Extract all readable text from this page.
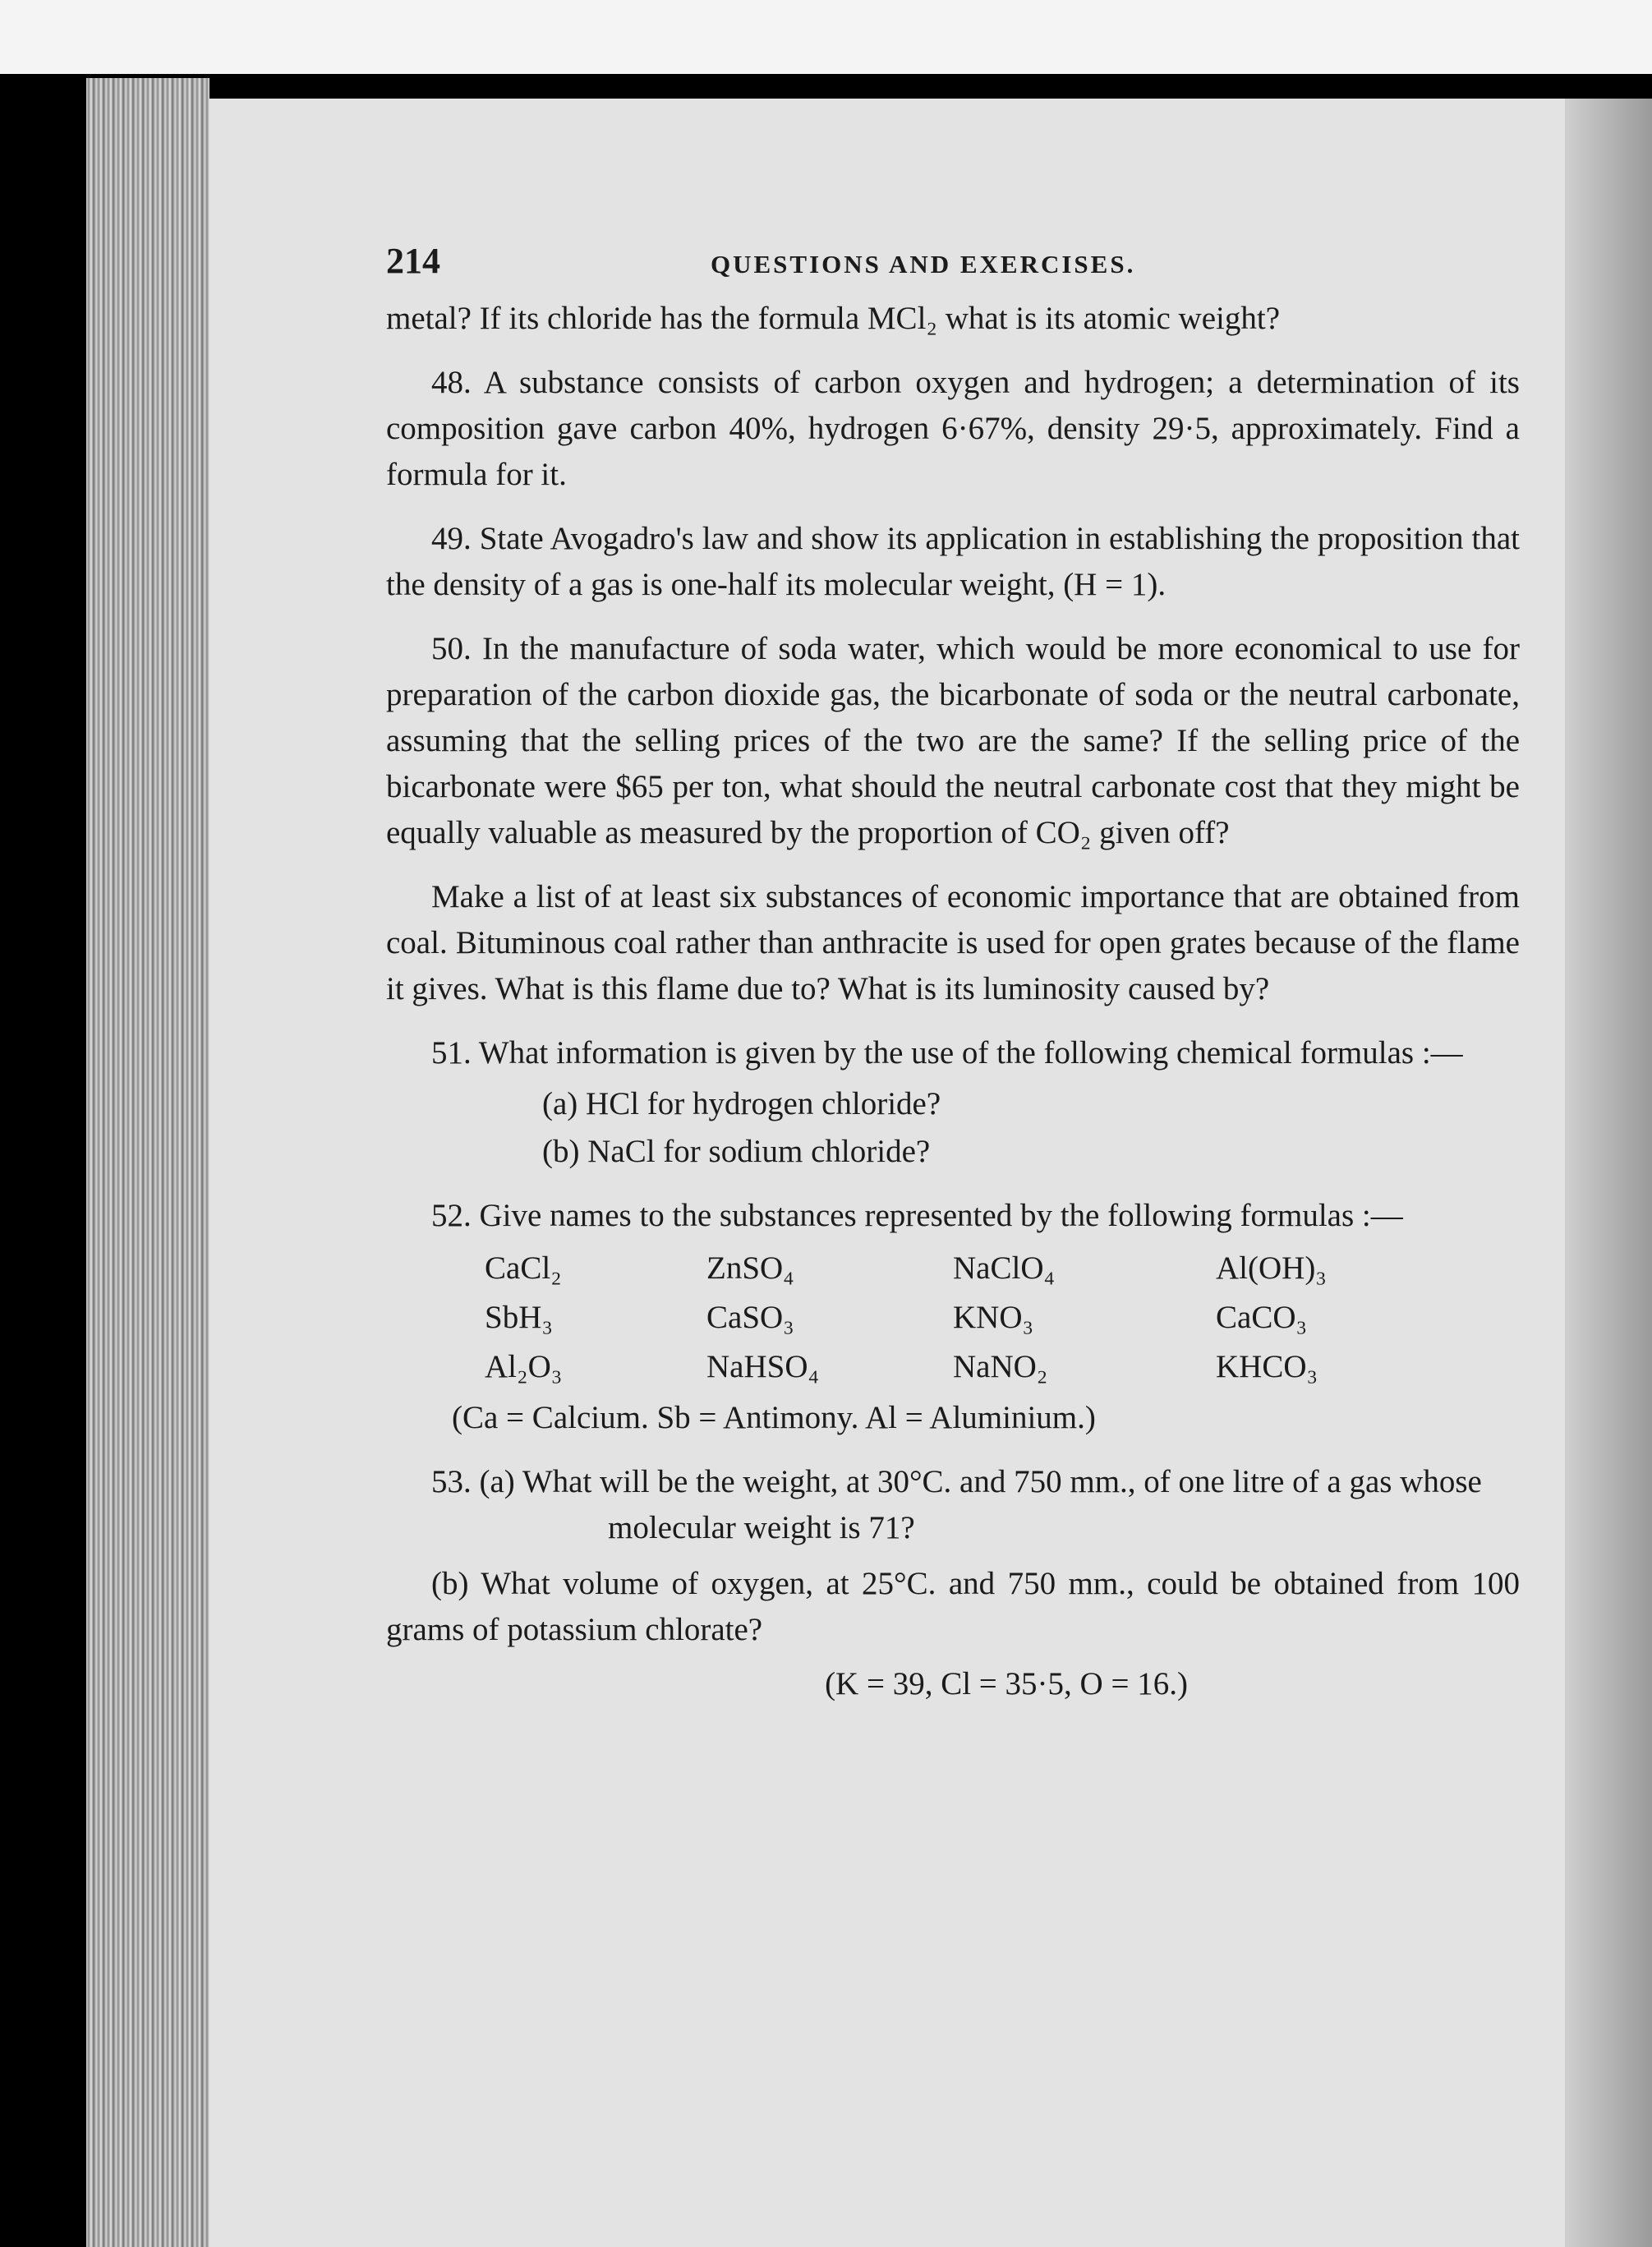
214	QUESTIONS AND EXERCISES.

metal? If its chloride has the formula MCl₂ what is its atomic weight?

48. A substance consists of carbon oxygen and hydrogen; a determination of its composition gave carbon 40%, hydrogen 6·67%, density 29·5, approximately. Find a formula for it.

49. State Avogadro's law and show its application in establishing the proposition that the density of a gas is one-half its molecular weight, (H = 1).

50. In the manufacture of soda water, which would be more economical to use for preparation of the carbon dioxide gas, the bicarbonate of soda or the neutral carbonate, assuming that the selling prices of the two are the same? If the selling price of the bicarbonate were $65 per ton, what should the neutral carbonate cost that they might be equally valuable as measured by the proportion of CO₂ given off?

Make a list of at least six substances of economic importance that are obtained from coal. Bituminous coal rather than anthracite is used for open grates because of the flame it gives. What is this flame due to? What is its luminosity caused by?

51. What information is given by the use of the following chemical formulas :—

(a) HCl for hydrogen chloride?

(b) NaCl for sodium chloride?

52. Give names to the substances represented by the following formulas :—

CaCl₂	ZnSO₄	NaClO₄	Al(OH)₃
SbH₃	CaSO₃	KNO₃	CaCO₃
Al₂O₃	NaHSO₄	NaNO₂	KHCO₃

(Ca = Calcium. Sb = Antimony. Al = Aluminium.)

53. (a) What will be the weight, at 30°C. and 750 mm., of one litre of a gas whose molecular weight is 71?

(b) What volume of oxygen, at 25°C. and 750 mm., could be obtained from 100 grams of potassium chlorate?

(K = 39, Cl = 35·5, O = 16.)
